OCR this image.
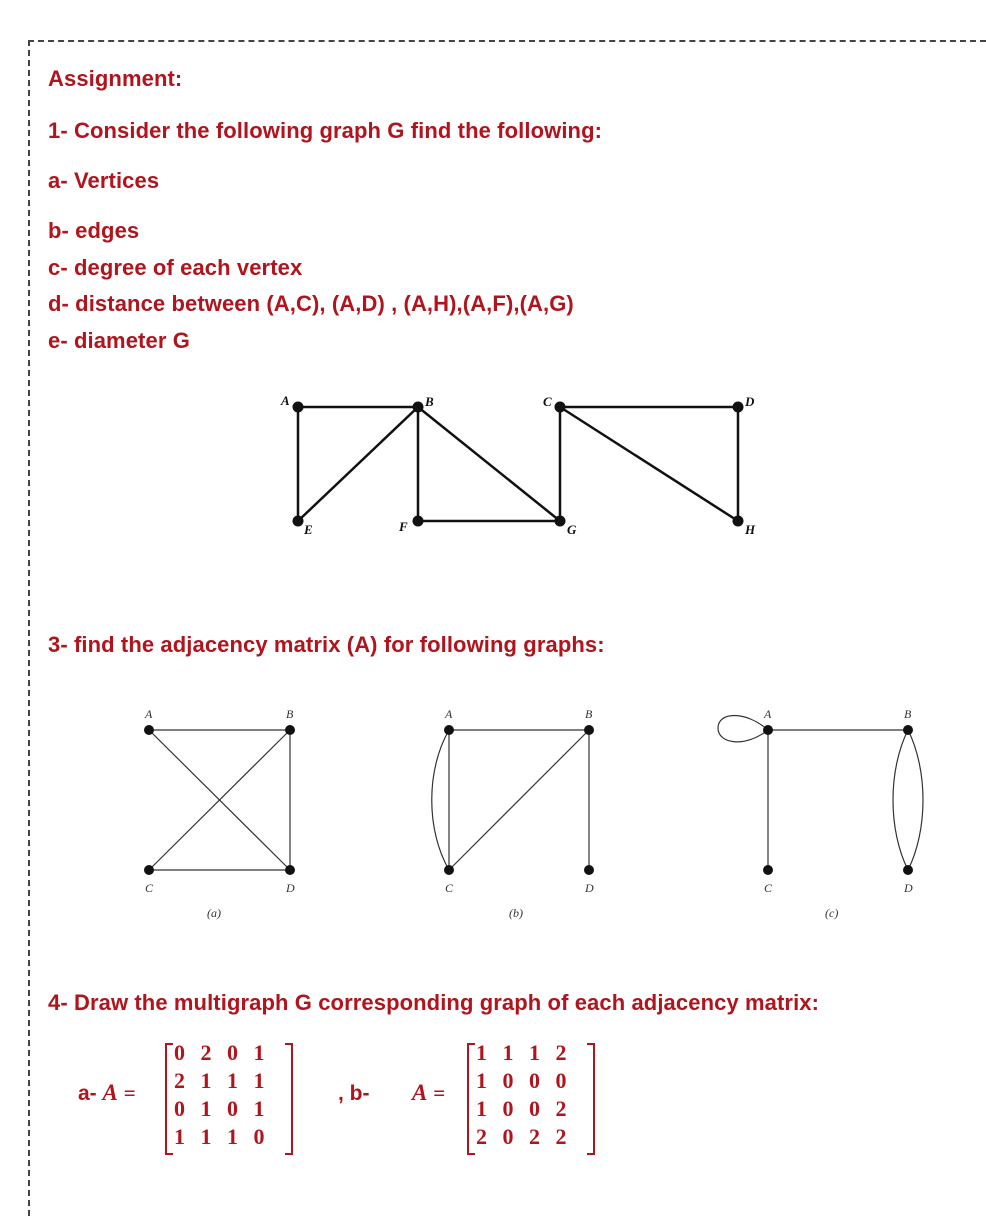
Assignment:
1- Consider the following graph G find the following:
a- Vertices
b- edges
c- degree of each vertex
d- distance between (A,C), (A,D) , (A,H),(A,F),(A,G)
e- diameter G
A	B	C	D
E	F	G	H
3- find the adjacency matrix (A) for following graphs:
A	B
C	D
(a)
A	B
C	D
(b)
A	B
C	D
(c)
4- Draw the multigraph G corresponding graph of each adjacency matrix:
a- A =
0 2 0 1
2 1 1 1
0 1 0 1
1 1 1 0
, b- A =
1 1 1 2
1 0 0 0
1 0 0 2
2 0 2 2
